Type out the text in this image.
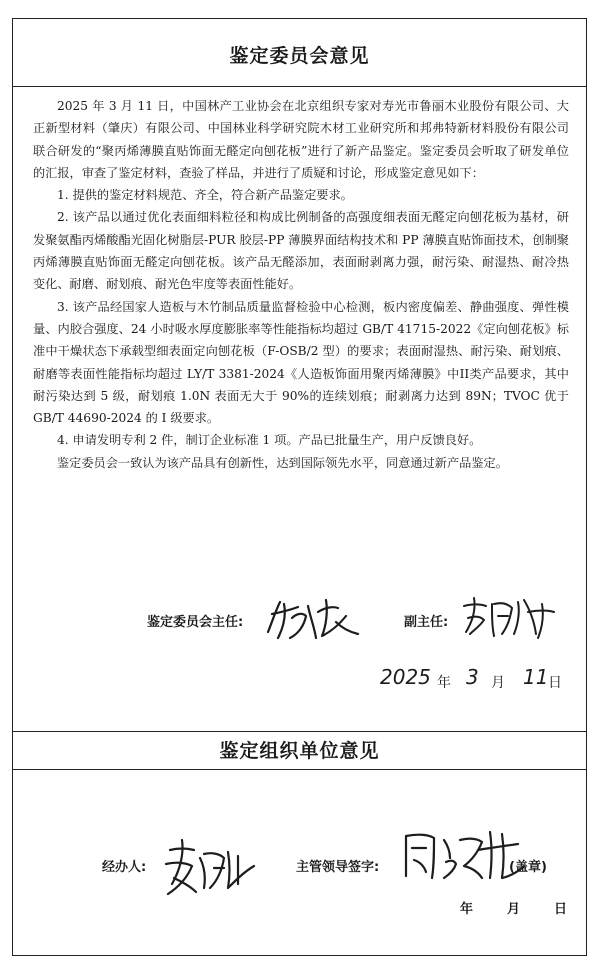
鉴定委员会意见
鉴定组织单位意见

2025 年 3 月 11 日，中国林产工业协会在北京组织专家对寿光市鲁丽木业股份有限公司、大正新型材料（肇庆）有限公司、中国林业科学研究院木材工业研究所和邦弗特新材料股份有限公司联合研发的“聚丙烯薄膜直贴饰面无醛定向刨花板”进行了新产品鉴定。鉴定委员会听取了研发单位的汇报，审查了鉴定材料，查验了样品，并进行了质疑和讨论，形成鉴定意见如下：

1. 提供的鉴定材料规范、齐全，符合新产品鉴定要求。

2. 该产品以通过优化表面细料粒径和构成比例制备的高强度细表面无醛定向刨花板为基材，研发聚氨酯丙烯酸酯光固化树脂层-PUR 胶层-PP 薄膜界面结构技术和 PP 薄膜直贴饰面技术，创制聚丙烯薄膜直贴饰面无醛定向刨花板。该产品无醛添加，表面耐剥离力强，耐污染、耐湿热、耐冷热变化、耐磨、耐划痕、耐光色牢度等表面性能好。

3. 该产品经国家人造板与木竹制品质量监督检验中心检测，板内密度偏差、静曲强度、弹性模量、内胶合强度、24 小时吸水厚度膨胀率等性能指标均超过 GB/T 41715-2022《定向刨花板》标准中干燥状态下承载型细表面定向刨花板（F-OSB/2 型）的要求；表面耐湿热、耐污染、耐划痕、耐磨等表面性能指标均超过 LY/T 3381-2024《人造板饰面用聚丙烯薄膜》中II类产品要求，其中耐污染达到 5 级，耐划痕 1.0N 表面无大于 90%的连续划痕；耐剥离力达到 89N；TVOC 优于 GB/T 44690-2024 的 I 级要求。

4. 申请发明专利 2 件，制订企业标准 1 项。产品已批量生产，用户反馈良好。

鉴定委员会一致认为该产品具有创新性，达到国际领先水平，同意通过新产品鉴定。

鉴定委员会主任:	副主任:
2025 年 3 月 11 日
经办人:	主管领导签字:	(盖章)
年	月	日
